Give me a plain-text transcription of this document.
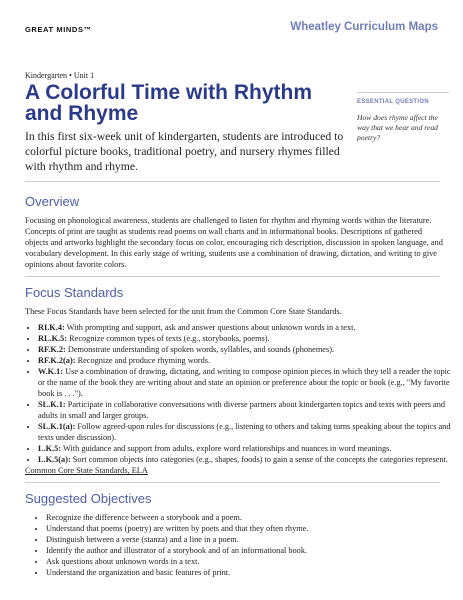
GREAT MINDS™	Wheatley Curriculum Maps
Kindergarten • Unit 1
A Colorful Time with Rhythm and Rhyme

In this first six-week unit of kindergarten, students are introduced to colorful picture books, traditional poetry, and nursery rhymes filled with rhythm and rhyme.

ESSENTIAL QUESTION
How does rhyme affect the way that we hear and read poetry?
Overview

Focusing on phonological awareness, students are challenged to listen for rhythm and rhyming words within the literature. Concepts of print are taught as students read poems on wall charts and in informational books. Descriptions of gathered objects and artworks highlight the secondary focus on color, encouraging rich description, discussion in spoken language, and vocabulary development. In this early stage of writing, students use a combination of drawing, dictation, and writing to give opinions about favorite colors.

Focus Standards

These Focus Standards have been selected for the unit from the Common Core State Standards.

• RI.K.4: With prompting and support, ask and answer questions about unknown words in a text.
• RL.K.5: Recognize common types of texts (e.g., storybooks, poems).
• RF.K.2: Demonstrate understanding of spoken words, syllables, and sounds (phonemes).
• RF.K.2(a): Recognize and produce rhyming words.
• W.K.1: Use a combination of drawing, dictating, and writing to compose opinion pieces in which they tell a reader the topic or the name of the book they are writing about and state an opinion or preference about the topic or book (e.g., "My favorite book is . . .").
• SL.K.1: Participate in collaborative conversations with diverse partners about kindergarten topics and texts with peers and adults in small and larger groups.
• SL.K.1(a): Follow agreed-upon rules for discussions (e.g., listening to others and taking turns speaking about the topics and texts under discussion).
• L.K.5: With guidance and support from adults, explore word relationships and nuances in word meanings.
• L.K.5(a): Sort common objects into categories (e.g., shapes, foods) to gain a sense of the concepts the categories represent.
Common Core State Standards, ELA
Suggested Objectives
• Recognize the difference between a storybook and a poem.
• Understand that poems (poetry) are written by poets and that they often rhyme.
• Distinguish between a verse (stanza) and a line in a poem.
• Identify the author and illustrator of a storybook and of an informational book.
• Ask questions about unknown words in a text.
• Understand the organization and basic features of print.
